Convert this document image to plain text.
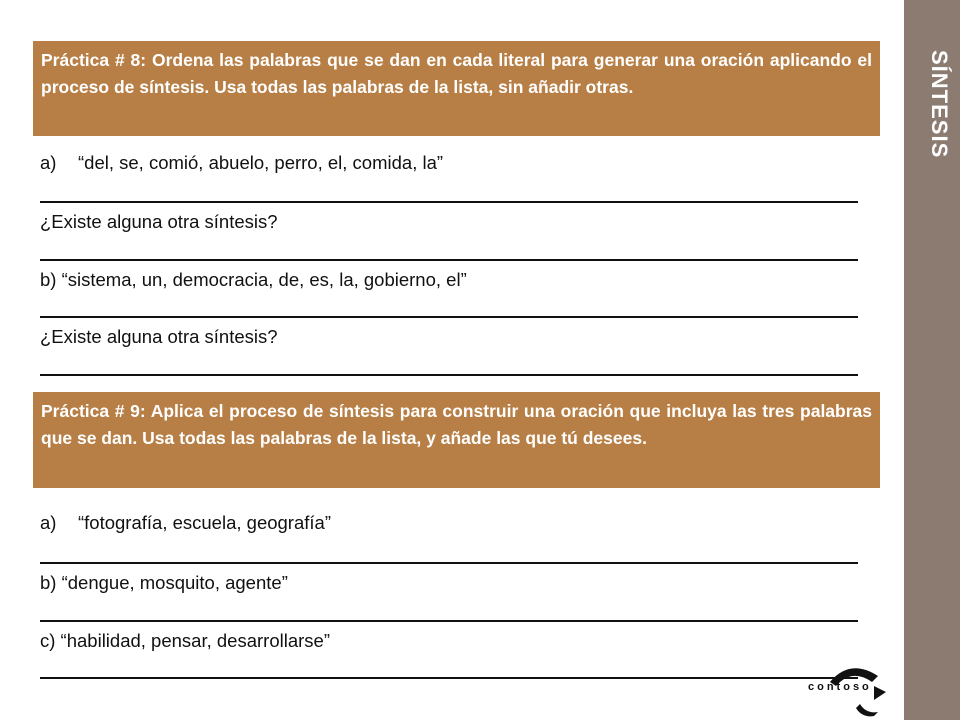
SÍNTESIS
Práctica # 8: Ordena las palabras que se dan en cada literal para generar una oración aplicando el proceso de síntesis. Usa todas las palabras de la lista, sin añadir otras.
a) “del, se, comió, abuelo, perro, el, comida, la”
¿Existe alguna otra síntesis?
b) “sistema, un, democracia, de, es, la, gobierno, el”
¿Existe alguna otra síntesis?
Práctica # 9: Aplica el proceso de síntesis para construir una oración que incluya las tres palabras que se dan. Usa todas las palabras de la lista, y añade las que tú desees.
a) “fotografía, escuela, geografía”
b) “dengue, mosquito, agente”
c) “habilidad, pensar, desarrollarse”
contoso
